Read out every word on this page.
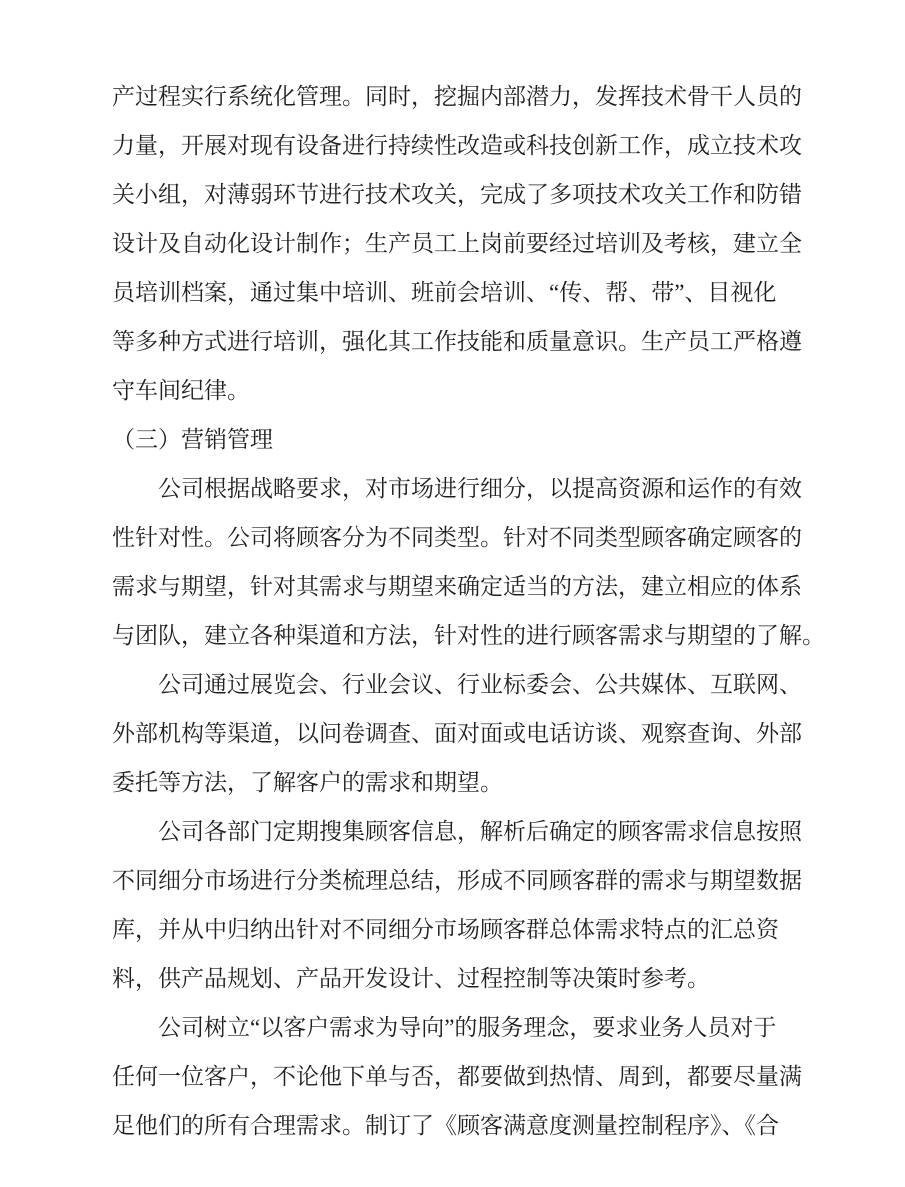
产过程实行系统化管理。同时，挖掘内部潜力，发挥技术骨干人员的
力量，开展对现有设备进行持续性改造或科技创新工作，成立技术攻
关小组，对薄弱环节进行技术攻关，完成了多项技术攻关工作和防错
设计及自动化设计制作；生产员工上岗前要经过培训及考核，建立全
员培训档案，通过集中培训、班前会培训、“传、帮、带”、目视化
等多种方式进行培训，强化其工作技能和质量意识。生产员工严格遵
守车间纪律。
（三）营销管理
公司根据战略要求，对市场进行细分，以提高资源和运作的有效
性针对性。公司将顾客分为不同类型。针对不同类型顾客确定顾客的
需求与期望，针对其需求与期望来确定适当的方法，建立相应的体系
与团队，建立各种渠道和方法，针对性的进行顾客需求与期望的了解。
公司通过展览会、行业会议、行业标委会、公共媒体、互联网、
外部机构等渠道，以问卷调查、面对面或电话访谈、观察查询、外部
委托等方法，了解客户的需求和期望。
公司各部门定期搜集顾客信息，解析后确定的顾客需求信息按照
不同细分市场进行分类梳理总结，形成不同顾客群的需求与期望数据
库，并从中归纳出针对不同细分市场顾客群总体需求特点的汇总资
料，供产品规划、产品开发设计、过程控制等决策时参考。
公司树立“以客户需求为导向”的服务理念，要求业务人员对于
任何一位客户，不论他下单与否，都要做到热情、周到，都要尽量满
足他们的所有合理需求。制订了《顾客满意度测量控制程序》、《合
